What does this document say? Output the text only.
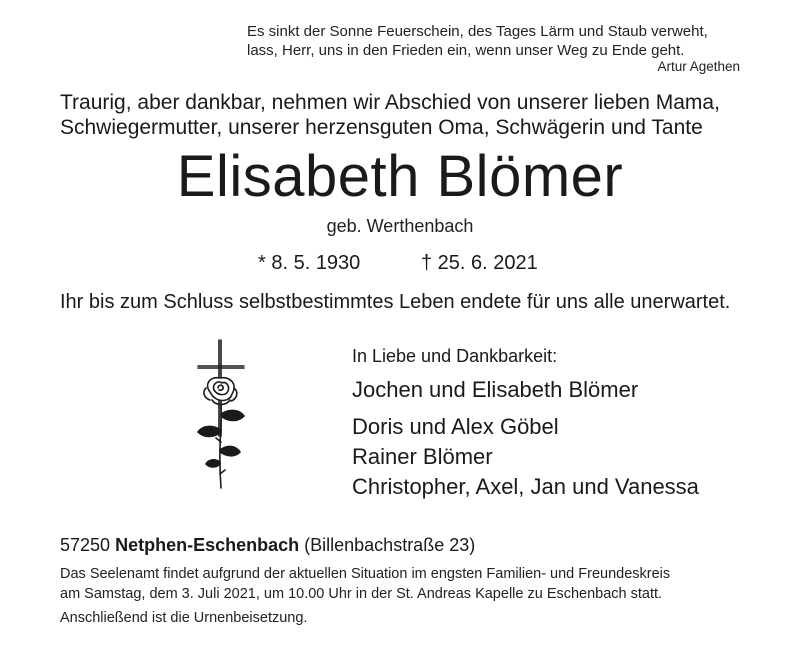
Es sinkt der Sonne Feuerschein, des Tages Lärm und Staub verweht,
lass, Herr, uns in den Frieden ein, wenn unser Weg zu Ende geht.
Artur Agethen
Traurig, aber dankbar, nehmen wir Abschied von unserer lieben Mama,
Schwiegermutter, unserer herzensguten Oma, Schwägerin und Tante
Elisabeth Blömer
geb. Werthenbach
* 8. 5. 1930	† 25. 6. 2021
Ihr bis zum Schluss selbstbestimmtes Leben endete für uns alle unerwartet.
In Liebe und Dankbarkeit:
Jochen und Elisabeth Blömer
Doris und Alex Göbel
Rainer Blömer
Christopher, Axel, Jan und Vanessa
57250 Netphen-Eschenbach (Billenbachstraße 23)
Das Seelenamt findet aufgrund der aktuellen Situation im engsten Familien- und Freundeskreis
am Samstag, dem 3. Juli 2021, um 10.00 Uhr in der St. Andreas Kapelle zu Eschenbach statt.
Anschließend ist die Urnenbeisetzung.
